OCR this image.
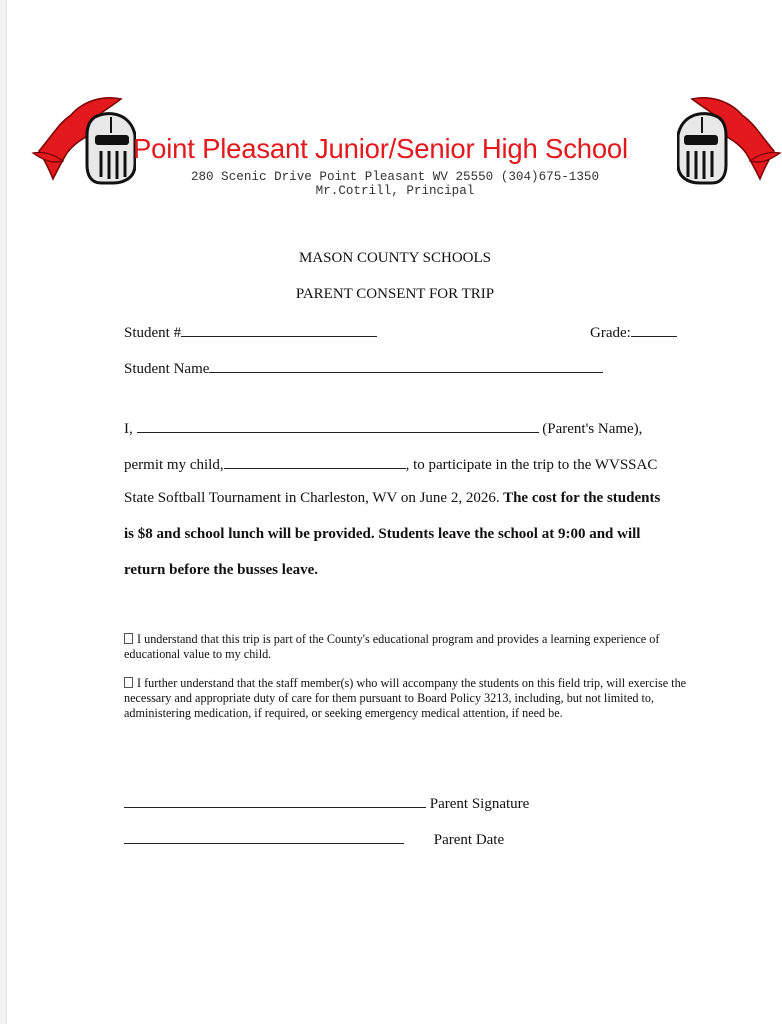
Point Pleasant Junior/Senior High School
280 Scenic Drive Point Pleasant WV 25550 (304)675-1350
Mr.Cotrill, Principal
MASON COUNTY SCHOOLS
PARENT CONSENT FOR TRIP
Student #	Grade:
Student Name
I,	(Parent's Name),
permit my child,	, to participate in the trip to the WVSSAC
State Softball Tournament in Charleston, WV on June 2, 2026. The cost for the students
is $8 and school lunch will be provided. Students leave the school at 9:00 and will
return before the busses leave.
I understand that this trip is part of the County's educational program and provides a learning experience of educational value to my child.
I further understand that the staff member(s) who will accompany the students on this field trip, will exercise the necessary and appropriate duty of care for them pursuant to Board Policy 3213, including, but not limited to, administering medication, if required, or seeking emergency medical attention, if need be.
Parent Signature
Parent Date
